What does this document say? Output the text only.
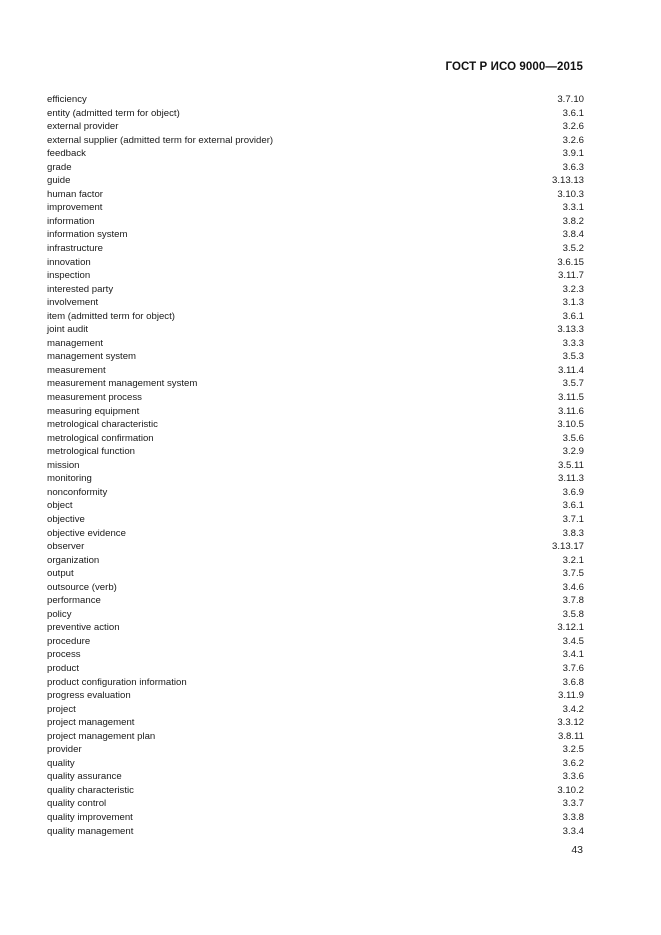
ГОСТ Р ИСО 9000—2015
efficiency	3.7.10
entity (admitted term for object)	3.6.1
external provider	3.2.6
external supplier (admitted term for external provider)	3.2.6
feedback	3.9.1
grade	3.6.3
guide	3.13.13
human factor	3.10.3
improvement	3.3.1
information	3.8.2
information system	3.8.4
infrastructure	3.5.2
innovation	3.6.15
inspection	3.11.7
interested party	3.2.3
involvement	3.1.3
item (admitted term for object)	3.6.1
joint audit	3.13.3
management	3.3.3
management system	3.5.3
measurement	3.11.4
measurement management system	3.5.7
measurement process	3.11.5
measuring equipment	3.11.6
metrological characteristic	3.10.5
metrological confirmation	3.5.6
metrological function	3.2.9
mission	3.5.11
monitoring	3.11.3
nonconformity	3.6.9
object	3.6.1
objective	3.7.1
objective evidence	3.8.3
observer	3.13.17
organization	3.2.1
output	3.7.5
outsource (verb)	3.4.6
performance	3.7.8
policy	3.5.8
preventive action	3.12.1
procedure	3.4.5
process	3.4.1
product	3.7.6
product configuration information	3.6.8
progress evaluation	3.11.9
project	3.4.2
project management	3.3.12
project management plan	3.8.11
provider	3.2.5
quality	3.6.2
quality assurance	3.3.6
quality characteristic	3.10.2
quality control	3.3.7
quality improvement	3.3.8
quality management	3.3.4
43
